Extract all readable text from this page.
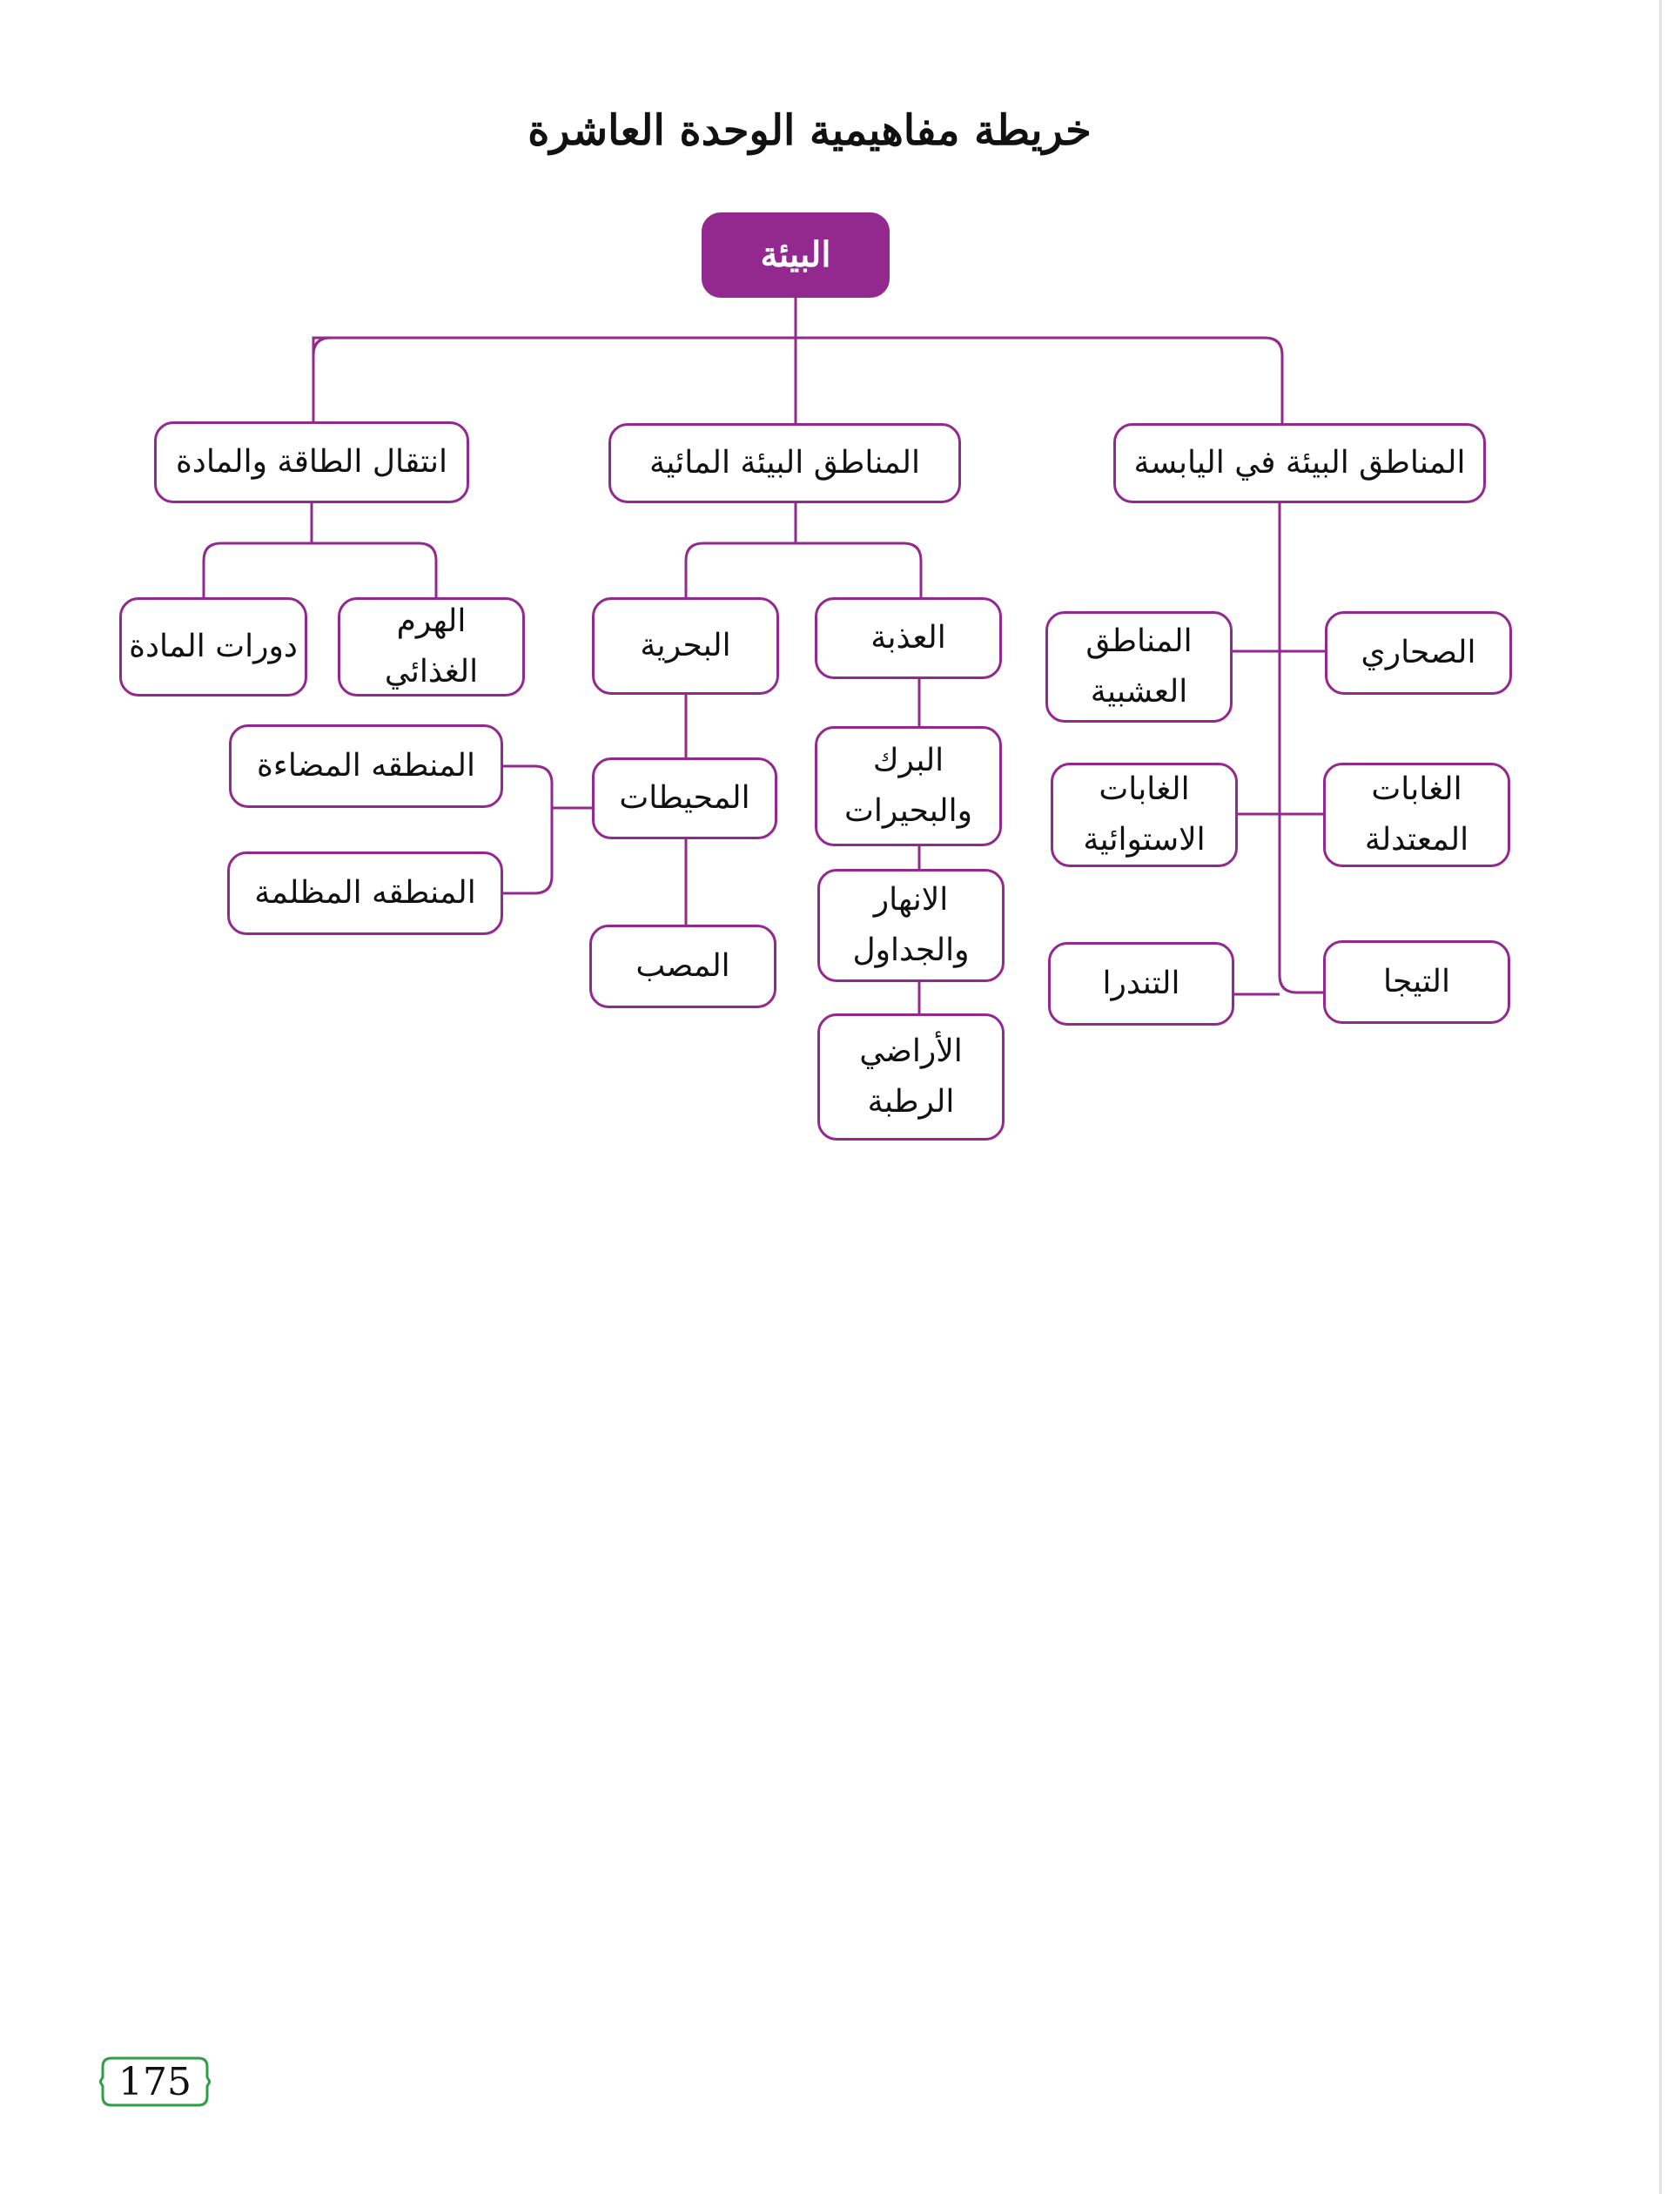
خريطة مفاهيمية الوحدة العاشرة
البيئة
المناطق البيئة في اليابسة
المناطق البيئة المائية
انتقال الطاقة والمادة
الهرم الغذائي
دورات المادة	العذبة
البرك والبحيرات
الانهار والجداول
الأراضي الرطبة
البحرية
المحيطات
المصب
المنطقه المضاءة
المنطقه المظلمة
الصحاري
المناطق العشبية
الغابات المعتدلة
الغابات الاستوائية
التيجا
التندرا
175
